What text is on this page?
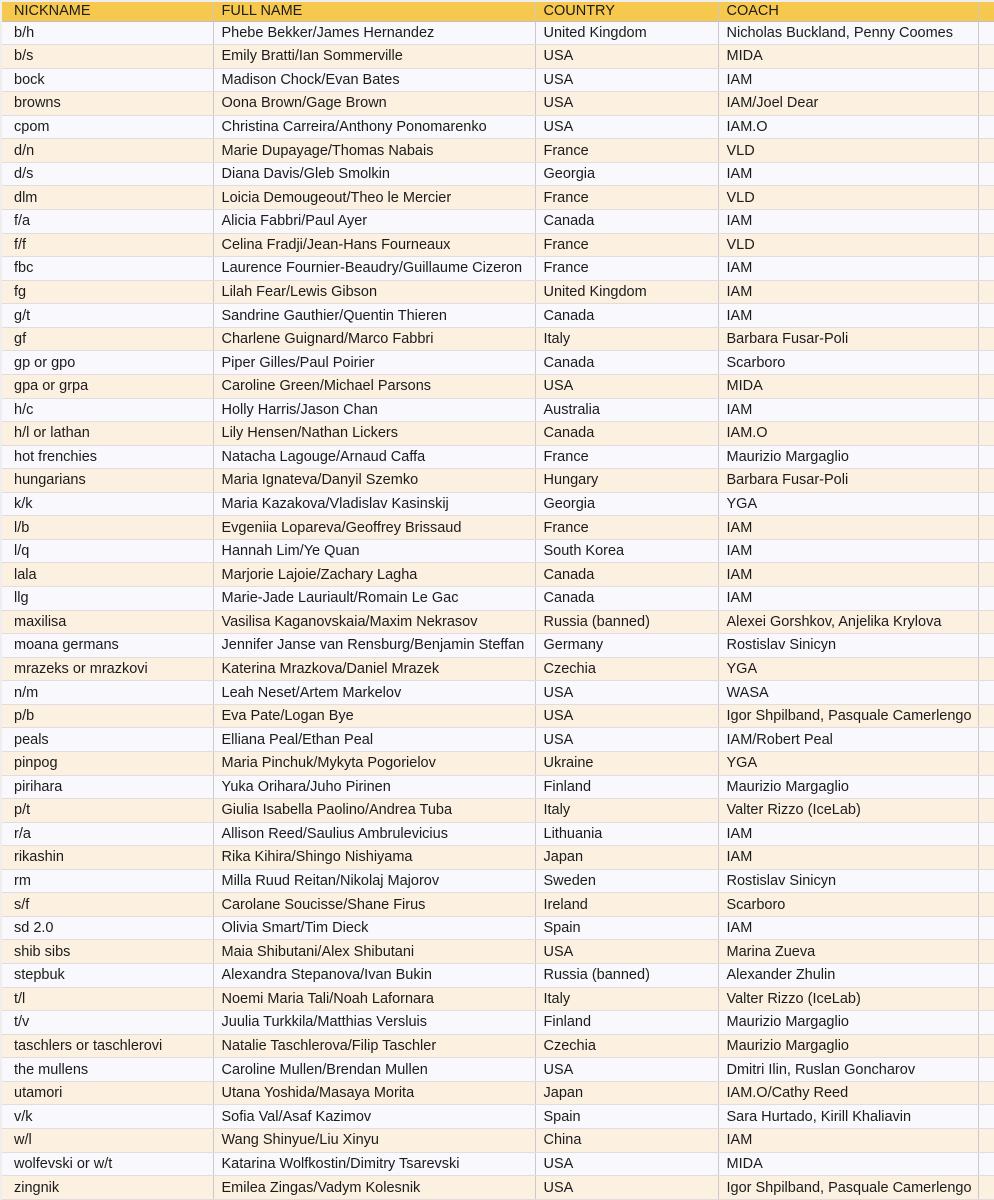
NICKNAME	FULL NAME	COUNTRY	COACH	
b/h	Phebe Bekker/James Hernandez	United Kingdom	Nicholas Buckland, Penny Coomes	
b/s	Emily Bratti/Ian Sommerville	USA	MIDA	
bock	Madison Chock/Evan Bates	USA	IAM	
browns	Oona Brown/Gage Brown	USA	IAM/Joel Dear	
cpom	Christina Carreira/Anthony Ponomarenko	USA	IAM.O	
d/n	Marie Dupayage/Thomas Nabais	France	VLD	
d/s	Diana Davis/Gleb Smolkin	Georgia	IAM	
dlm	Loicia Demougeout/Theo le Mercier	France	VLD	
f/a	Alicia Fabbri/Paul Ayer	Canada	IAM	
f/f	Celina Fradji/Jean-Hans Fourneaux	France	VLD	
fbc	Laurence Fournier-Beaudry/Guillaume Cizeron	France	IAM	
fg	Lilah Fear/Lewis Gibson	United Kingdom	IAM	
g/t	Sandrine Gauthier/Quentin Thieren	Canada	IAM	
gf	Charlene Guignard/Marco Fabbri	Italy	Barbara Fusar-Poli	
gp or gpo	Piper Gilles/Paul Poirier	Canada	Scarboro	
gpa or grpa	Caroline Green/Michael Parsons	USA	MIDA	
h/c	Holly Harris/Jason Chan	Australia	IAM	
h/l or lathan	Lily Hensen/Nathan Lickers	Canada	IAM.O	
hot frenchies	Natacha Lagouge/Arnaud Caffa	France	Maurizio Margaglio	
hungarians	Maria Ignateva/Danyil Szemko	Hungary	Barbara Fusar-Poli	
k/k	Maria Kazakova/Vladislav Kasinskij	Georgia	YGA	
l/b	Evgeniia Lopareva/Geoffrey Brissaud	France	IAM	
l/q	Hannah Lim/Ye Quan	South Korea	IAM	
lala	Marjorie Lajoie/Zachary Lagha	Canada	IAM	
llg	Marie-Jade Lauriault/Romain Le Gac	Canada	IAM	
maxilisa	Vasilisa Kaganovskaia/Maxim Nekrasov	Russia (banned)	Alexei Gorshkov, Anjelika Krylova	
moana germans	Jennifer Janse van Rensburg/Benjamin Steffan	Germany	Rostislav Sinicyn	
mrazeks or mrazkovi	Katerina Mrazkova/Daniel Mrazek	Czechia	YGA	
n/m	Leah Neset/Artem Markelov	USA	WASA	
p/b	Eva Pate/Logan Bye	USA	Igor Shpilband, Pasquale Camerlengo	
peals	Elliana Peal/Ethan Peal	USA	IAM/Robert Peal	
pinpog	Maria Pinchuk/Mykyta Pogorielov	Ukraine	YGA	
pirihara	Yuka Orihara/Juho Pirinen	Finland	Maurizio Margaglio	
p/t	Giulia Isabella Paolino/Andrea Tuba	Italy	Valter Rizzo (IceLab)	
r/a	Allison Reed/Saulius Ambrulevicius	Lithuania	IAM	
rikashin	Rika Kihira/Shingo Nishiyama	Japan	IAM	
rm	Milla Ruud Reitan/Nikolaj Majorov	Sweden	Rostislav Sinicyn	
s/f	Carolane Soucisse/Shane Firus	Ireland	Scarboro	
sd 2.0	Olivia Smart/Tim Dieck	Spain	IAM	
shib sibs	Maia Shibutani/Alex Shibutani	USA	Marina Zueva	
stepbuk	Alexandra Stepanova/Ivan Bukin	Russia (banned)	Alexander Zhulin	
t/l	Noemi Maria Tali/Noah Lafornara	Italy	Valter Rizzo (IceLab)	
t/v	Juulia Turkkila/Matthias Versluis	Finland	Maurizio Margaglio	
taschlers or taschlerovi	Natalie Taschlerova/Filip Taschler	Czechia	Maurizio Margaglio	
the mullens	Caroline Mullen/Brendan Mullen	USA	Dmitri Ilin, Ruslan Goncharov	
utamori	Utana Yoshida/Masaya Morita	Japan	IAM.O/Cathy Reed	
v/k	Sofia Val/Asaf Kazimov	Spain	Sara Hurtado, Kirill Khaliavin	
w/l	Wang Shinyue/Liu Xinyu	China	IAM	
wolfevski or w/t	Katarina Wolfkostin/Dimitry Tsarevski	USA	MIDA	
zingnik	Emilea Zingas/Vadym Kolesnik	USA	Igor Shpilband, Pasquale Camerlengo	
